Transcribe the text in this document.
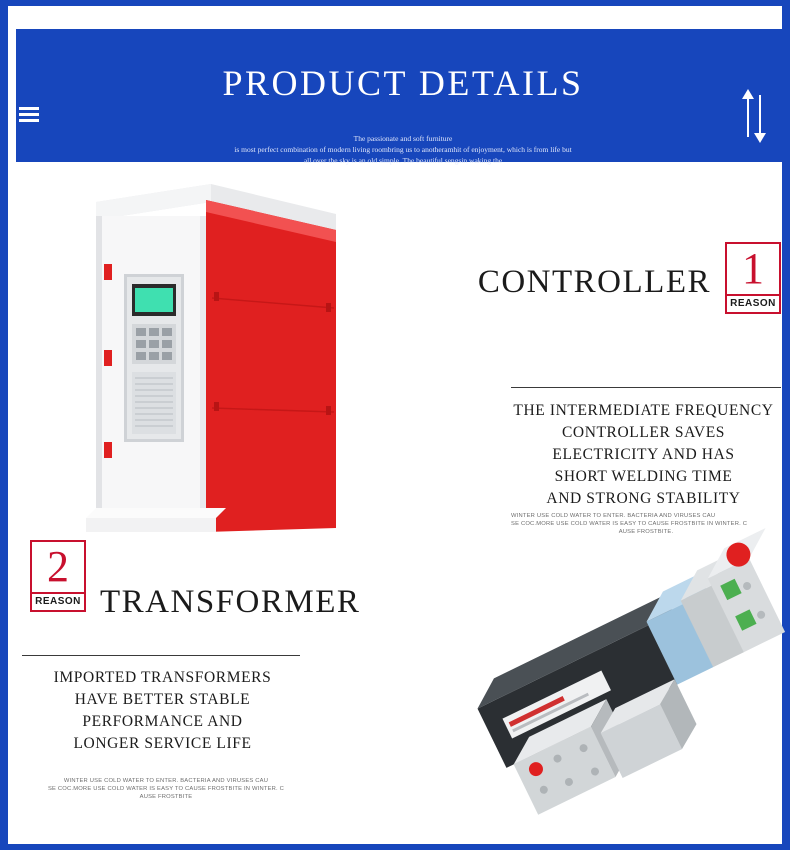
PRODUCT DETAILS
The passionate and soft furniture
is most perfect combination of modern living roombring us to anotheramhit of enjoyment, which is from life but
all over the sky is an old simple. The beautiful sengsin waking the
1
REASON
CONTROLLER
THE INTERMEDIATE FREQUENCY
CONTROLLER SAVES
ELECTRICITY AND HAS
SHORT WELDING TIME
AND STRONG STABILITY
WINTER USE COLD WATER TO ENTER. BACTERIA AND VIRUSES CAU
SE COC.MORE USE COLD WATER IS EASY TO CAUSE FROSTBITE IN WINTER. C
AUSE FROSTBITE.
2
REASON TRANSFORMER
IMPORTED TRANSFORMERS
HAVE BETTER STABLE
PERFORMANCE AND
LONGER SERVICE LIFE
WINTER USE COLD WATER TO ENTER. BACTERIA AND VIRUSES CAU
SE COC.MORE USE COLD WATER IS EASY TO CAUSE FROSTBITE IN WINTER. C
AUSE FROSTBITE
